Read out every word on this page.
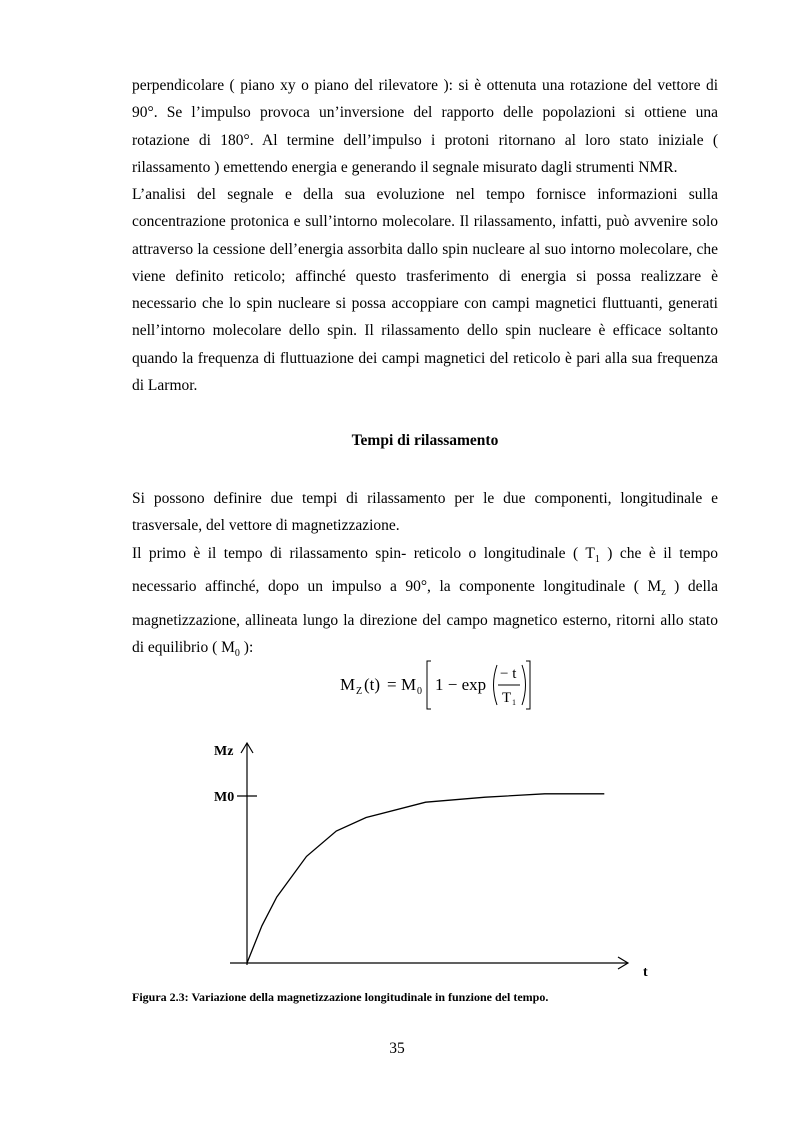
perpendicolare ( piano xy o piano del rilevatore ): si è ottenuta una rotazione del vettore di 90°. Se l’impulso provoca un’inversione del rapporto delle popolazioni si ottiene una rotazione di 180°. Al termine dell’impulso i protoni ritornano al loro stato iniziale ( rilassamento ) emettendo energia e generando il segnale misurato dagli strumenti NMR.

L’analisi del segnale e della sua evoluzione nel tempo fornisce informazioni sulla concentrazione protonica e sull’intorno molecolare. Il rilassamento, infatti, può avvenire solo attraverso la cessione dell’energia assorbita dallo spin nucleare al suo intorno molecolare, che viene definito reticolo; affinché questo trasferimento di energia si possa realizzare è necessario che lo spin nucleare si possa accoppiare con campi magnetici fluttuanti, generati nell’intorno molecolare dello spin. Il rilassamento dello spin nucleare è efficace soltanto quando la frequenza di fluttuazione dei campi magnetici del reticolo è pari alla sua frequenza di Larmor.

Tempi di rilassamento

Si possono definire due tempi di rilassamento per le due componenti, longitudinale e trasversale, del vettore di magnetizzazione.

Il primo è il tempo di rilassamento spin- reticolo o longitudinale ( $T_1$ ) che è il tempo necessario affinché, dopo un impulso a 90°, la componente longitudinale ( $M_z$ ) della magnetizzazione, allineata lungo la direzione del campo magnetico esterno, ritorni allo stato di equilibrio ( $M_0$ ):

M Z (t) = M 0 1 − exp
− t
T 1
Mz
M0
t

Figura 2.3: Variazione della magnetizzazione longitudinale in funzione del tempo.

35
